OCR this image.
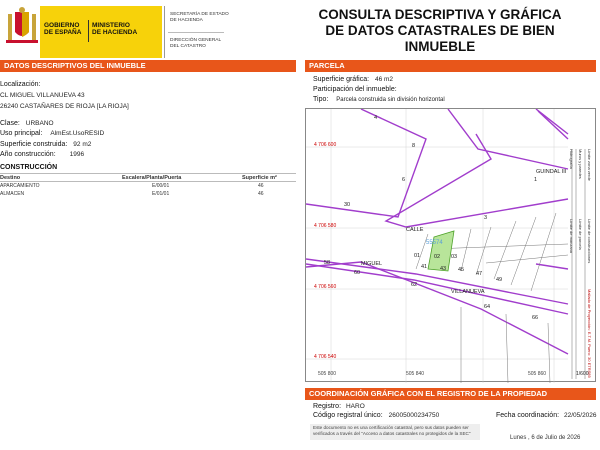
GOBIERNO
DE ESPAÑA
MINISTERIO
DE HACIENDA
SECRETARÍA DE ESTADO
DE HACIENDA
DIRECCIÓN GENERAL
DEL CATASTRO
CONSULTA DESCRIPTIVA Y GRÁFICA
DE DATOS CATASTRALES DE BIEN INMUEBLE
DATOS DESCRIPTIVOS DEL INMUEBLE
Localización:
CL MIGUEL VILLANUEVA 43
26240 CASTAÑARES DE RIOJA [LA RIOJA]
Clase: URBANO
Uso principal: AlmEst.UsoRESID
Superficie construida: 92 m2
Año construcción: 1996
CONSTRUCCIÓN
Destino	Escalera/Planta/Puerta	Superficie m²
APARCAMIENTO	E/00/01	46
ALMACEN	E/01/01	46
PARCELA
Superficie gráfica: 46 m2
Participación del inmueble:
Tipo: Parcela construida sin división horizontal
4 706 600
4 706 580
4 706 560
4 706 540
505 800	505 840	505 860
CALLE
GUINDAL III
MIGUEL
VILLANUEVA
55574
01	02 03
41 43 45
47
49
58
60
62
64
66
30
1
3
4
8
6
Hidrografía Muros y paredes Límite zona verde
Límite de parcela
Límite de manzana	Límite de construcciones
Mallado de Proyección: E.T.M. Puero: 30 ETRS89
1/600
COORDINACIÓN GRÁFICA CON EL REGISTRO DE LA PROPIEDAD
Registro: HARO
Código registral único: 26005000234750	Fecha coordinación: 22/05/2026
Este documento no es una certificación catastral, pero sus datos pueden ser
verificados a través del "Acceso a datos catastrales no protegidos de la SEC"
Lunes , 6 de Julio de 2026
